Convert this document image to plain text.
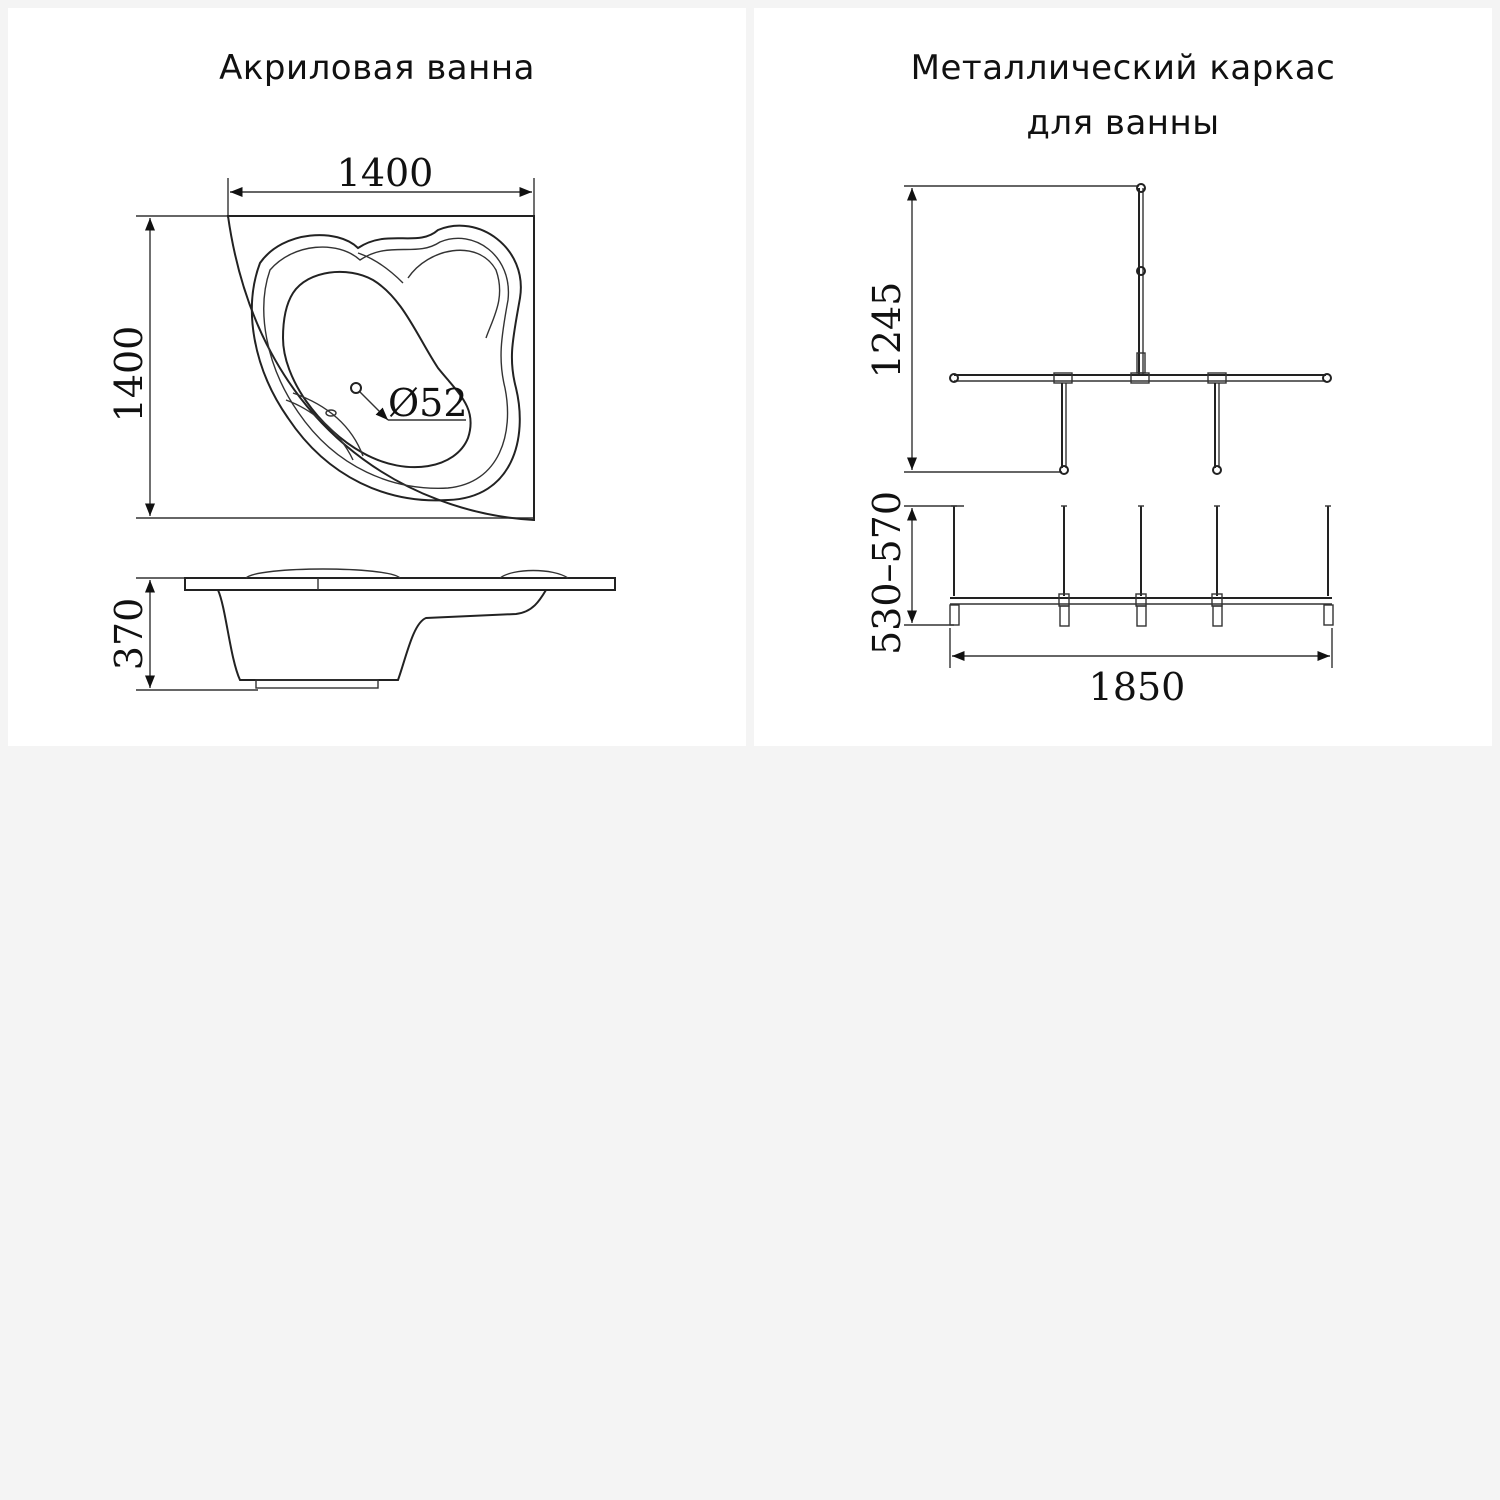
Акриловая ванна
1400
1400	Ø52
370
Металлический каркас
для ванны
1245
530–570
1850
